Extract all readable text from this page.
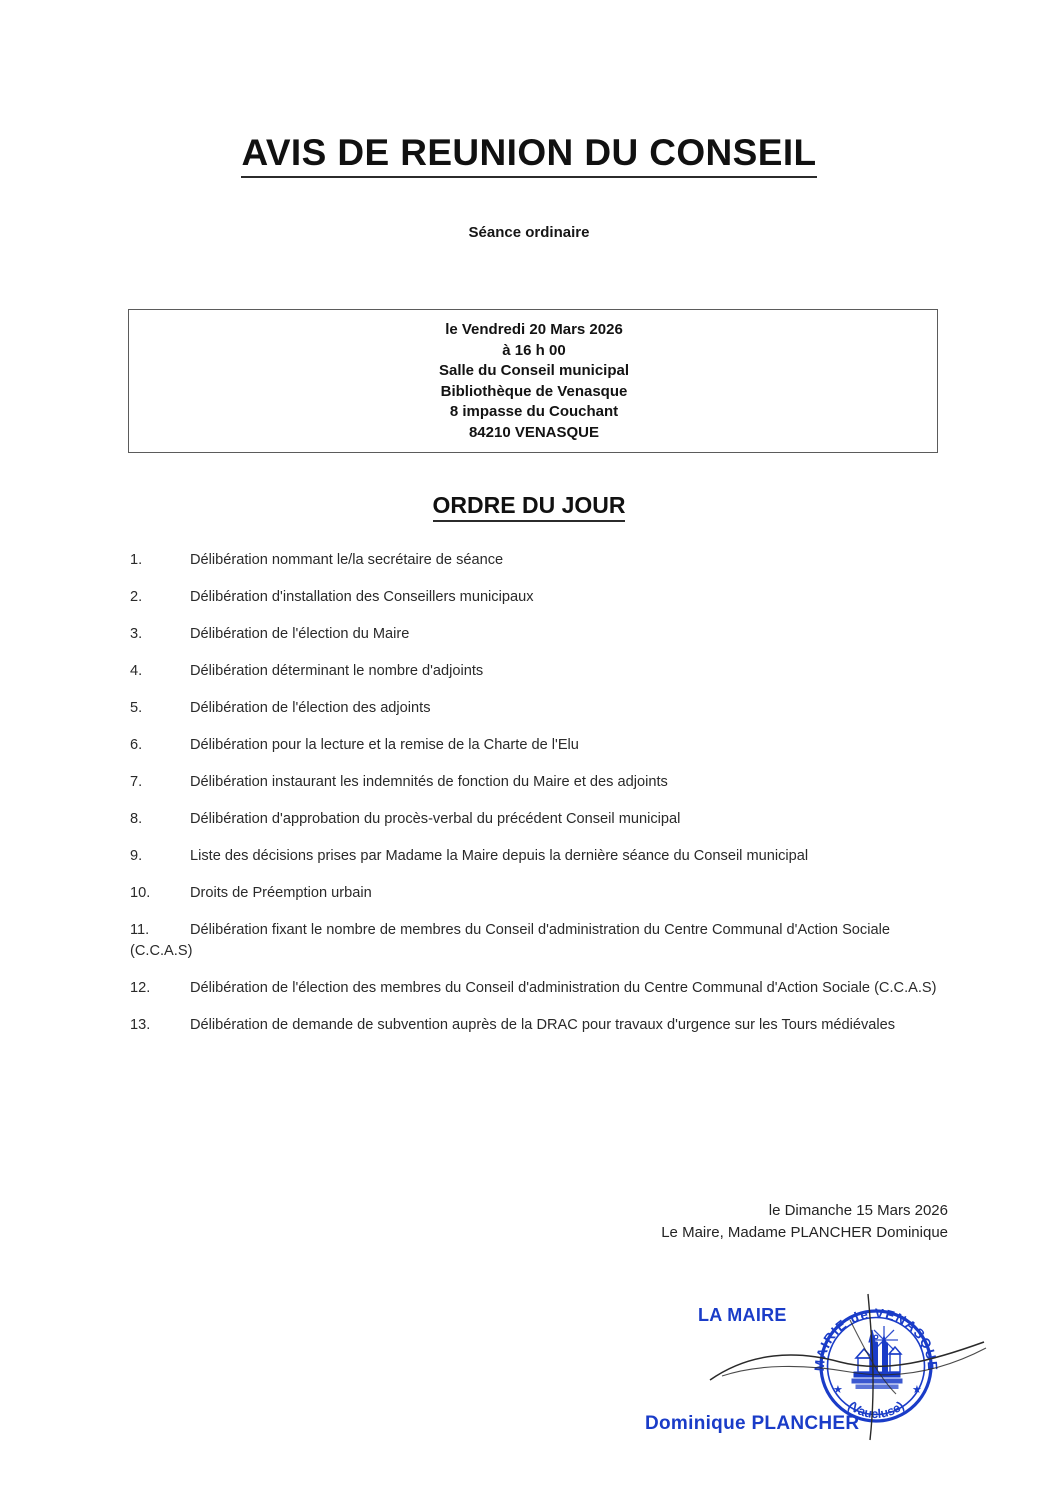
AVIS DE REUNION DU CONSEIL
Séance ordinaire
le Vendredi 20 Mars 2026
à 16 h 00
Salle du Conseil municipal
Bibliothèque de Venasque
8 impasse du Couchant
84210 VENASQUE
ORDRE DU JOUR
1.	Délibération nommant le/la secrétaire de séance
2.	Délibération d'installation des Conseillers municipaux
3.	Délibération de l'élection du Maire
4.	Délibération déterminant le nombre d'adjoints
5.	Délibération de l'élection des adjoints
6.	Délibération pour la lecture et la remise de la Charte de l'Elu
7.	Délibération instaurant les indemnités de fonction du Maire et des adjoints
8.	Délibération d'approbation du procès-verbal du précédent Conseil municipal
9.	Liste des décisions prises par Madame la Maire depuis la dernière séance du Conseil municipal
10.	Droits de Préemption urbain
11.	Délibération fixant le nombre de membres du Conseil d'administration du Centre Communal d'Action Sociale (C.C.A.S)
12.	Délibération de l'élection des membres du Conseil d'administration du Centre Communal d'Action Sociale (C.C.A.S)
13.	Délibération de demande de subvention auprès de la DRAC pour travaux d'urgence sur les Tours médiévales
le Dimanche 15 Mars 2026
Le Maire, Madame PLANCHER Dominique
LA MAIRE
MAIRIE de VENASQUE
(Vaucluse)
★	★
Dominique PLANCHER
